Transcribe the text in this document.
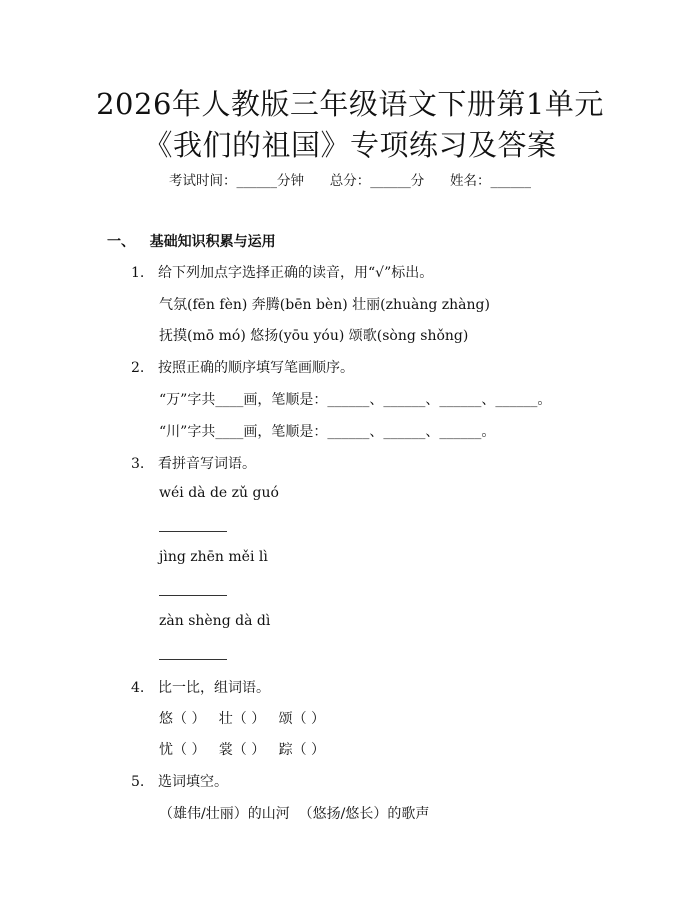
2026年人教版三年级语文下册第1单元《我们的祖国》专项练习及答案
考试时间：______分钟      总分：______分      姓名：______
一、 基础知识积累与运用
1. 给下列加点字选择正确的读音，用“√”标出。
气氛(fēn fèn) 奔腾(bēn bèn) 壮丽(zhuàng zhàng)
抚摸(mō mó) 悠扬(yōu yóu) 颂歌(sòng shǒng)
2. 按照正确的顺序填写笔画顺序。
“万”字共____画，笔顺是：______、______、______、______。
“川”字共____画，笔顺是：______、______、______。
3. 看拼音写词语。
wéi dà de zǔ guó
jìng zhēn měi lì
zàn shèng dà dì
4. 比一比，组词语。
悠（ ）   壮（ ）   颂（ ）
忧（ ）   裳（ ）   踪（ ）
5. 选词填空。
（雄伟/壮丽）的山河  （悠扬/悠长）的歌声
